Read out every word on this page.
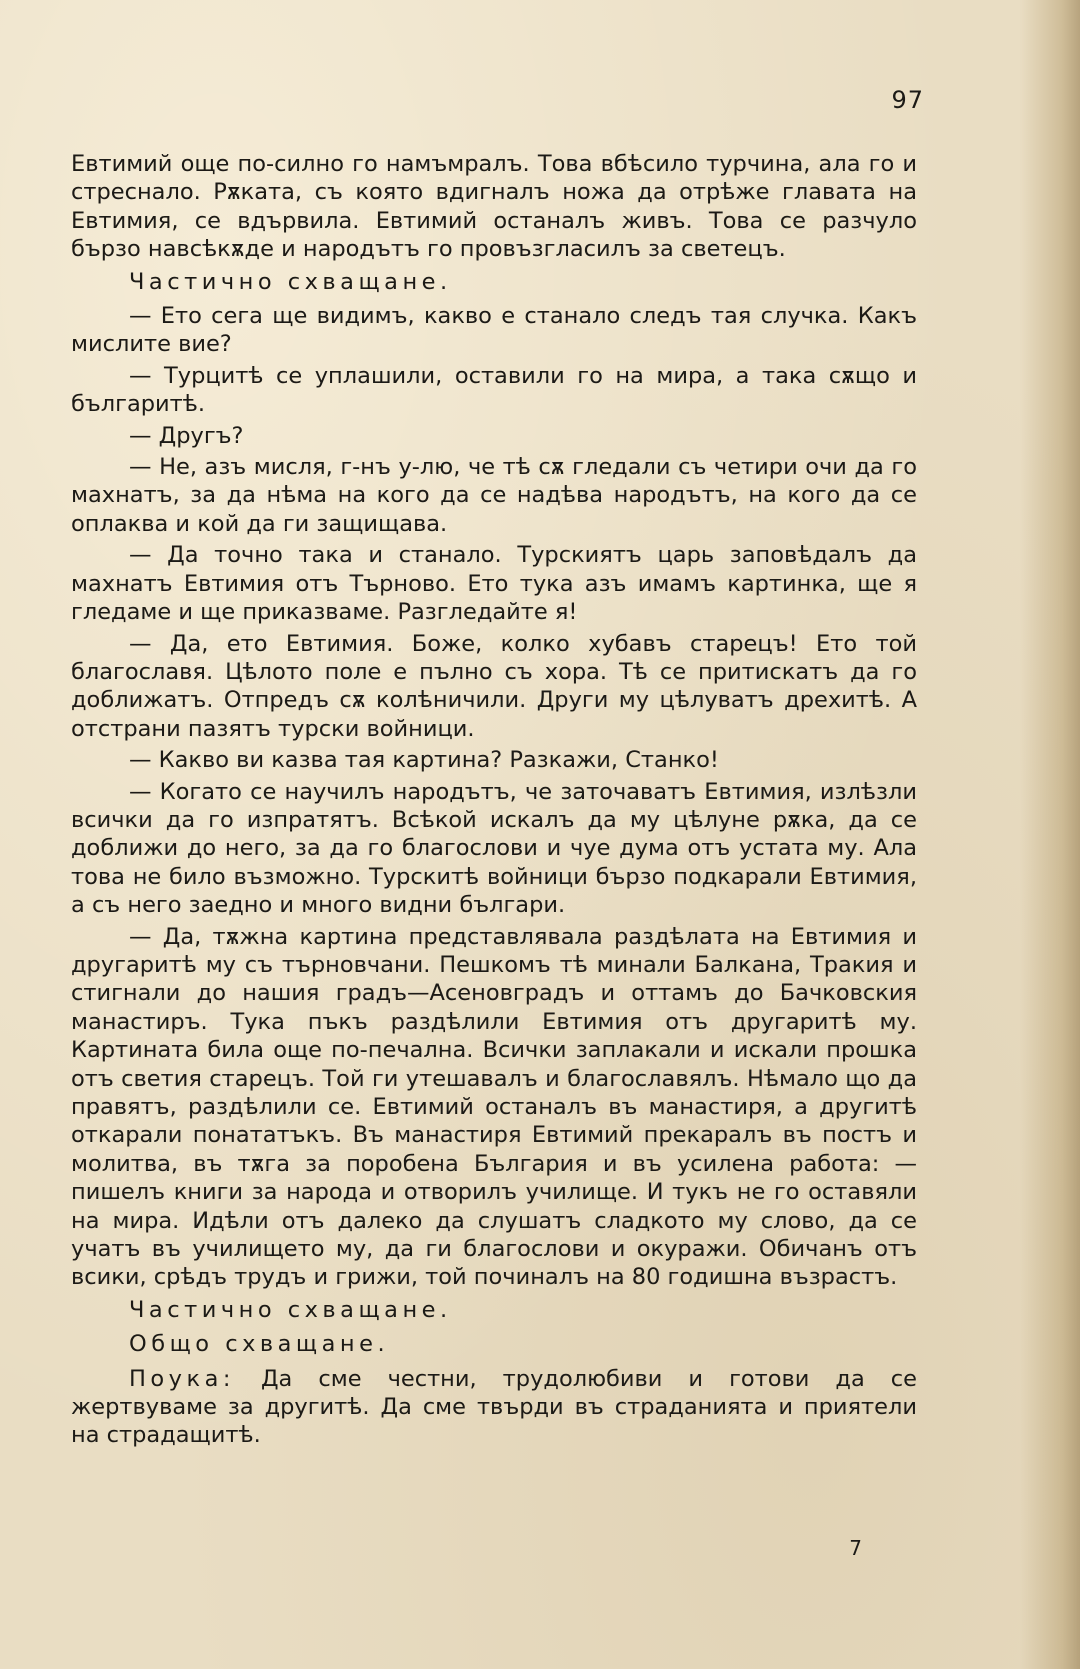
97

Евтимий още по-силно го намъмралъ. Това вбѣсило турчина, ала го и стреснало. Рѫката, съ която вдигналъ ножа да отрѣже главата на Евтимия, се вдървила. Евтимий останалъ живъ. Това се разчуло бързо навсѣкѫде и народътъ го провъзгласилъ за светецъ.

Частично схващане.

— Ето сега ще видимъ, какво е станало следъ тая случка. Какъ мислите вие?

— Турцитѣ се уплашили, оставили го на мира, а така сѫщо и българитѣ.

— Другъ?

— Не, азъ мисля, г-нъ у-лю, че тѣ сѫ гледали съ четири очи да го махнатъ, за да нѣма на кого да се надѣва народътъ, на кого да се оплаква и кой да ги защищава.

— Да точно така и станало. Турскиятъ царь заповѣдалъ да махнатъ Евтимия отъ Търново. Ето тука азъ имамъ картинка, ще я гледаме и ще приказваме. Разгледайте я!

— Да, ето Евтимия. Боже, колко хубавъ старецъ! Ето той благославя. Цѣлото поле е пълно съ хора. Тѣ се притискатъ да го доближатъ. Отпредъ сѫ колѣничили. Други му цѣлуватъ дрехитѣ. А отстрани пазятъ турски войници.

— Какво ви казва тая картина? Разкажи, Станко!

— Когато се научилъ народътъ, че заточаватъ Евтимия, излѣзли всички да го изпратятъ. Всѣкой искалъ да му цѣлуне рѫка, да се доближи до него, за да го благослови и чуе дума отъ устата му. Ала това не било възможно. Турскитѣ войници бързо подкарали Евтимия, а съ него заедно и много видни българи.

— Да, тѫжна картина представлявала раздѣлата на Евтимия и другаритѣ му съ търновчани. Пешкомъ тѣ минали Балкана, Тракия и стигнали до нашия градъ—Асеновградъ и оттамъ до Бачковския манастиръ. Тука пъкъ раздѣлили Евтимия отъ другаритѣ му. Картината била още по-печална. Всички заплакали и искали прошка отъ светия старецъ. Той ги утешавалъ и благославялъ. Нѣмало що да правятъ, раздѣлили се. Евтимий останалъ въ манастиря, а другитѣ откарали понататъкъ. Въ манастиря Евтимий прекаралъ въ постъ и молитва, въ тѫга за поробена България и въ усилена работа: — пишелъ книги за народа и отворилъ училище. И тукъ не го оставяли на мира. Идѣли отъ далеко да слушатъ сладкото му слово, да се учатъ въ училището му, да ги благослови и окуражи. Обичанъ отъ всики, срѣдъ трудъ и грижи, той починалъ на 80 годишна възрастъ.

Частично схващане.

Общо схващане.

Поука: Да сме честни, трудолюбиви и готови да се жертвуваме за другитѣ. Да сме твърди въ страданията и приятели на страдащитѣ.

7
